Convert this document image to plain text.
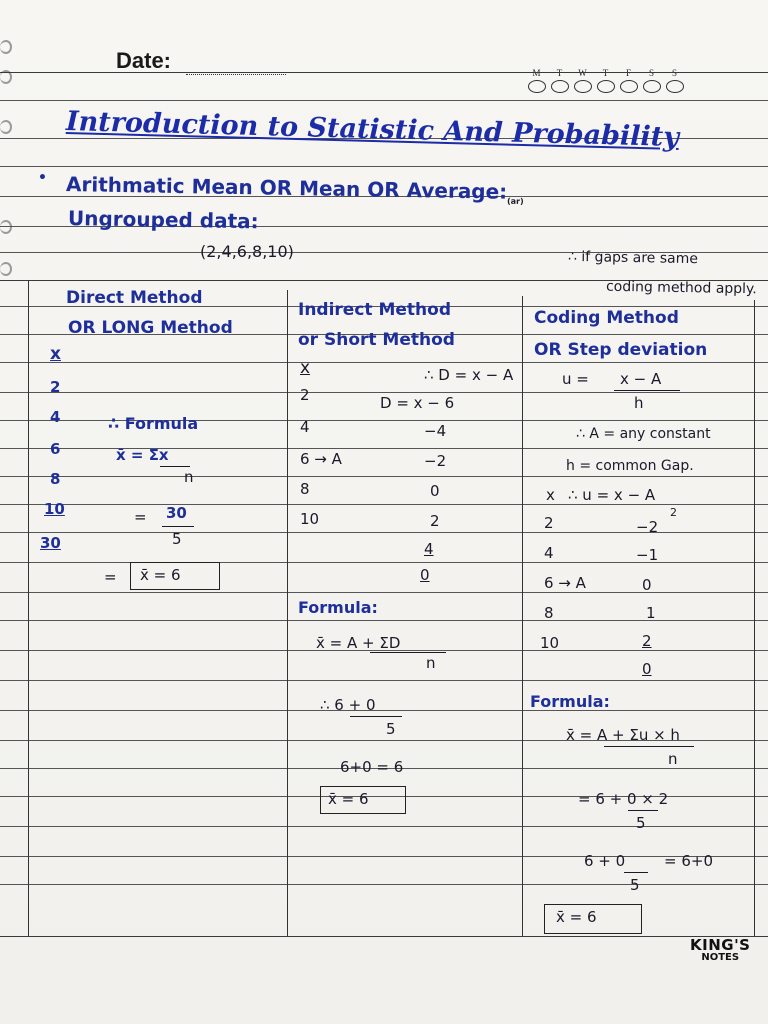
Date:	M T W T F S S
Introduction to Statistic And Probability
• Arithmatic Mean OR Mean OR $Average:_{(ar)}$
Ungrouped data:
(2,4,6,8,10)	∴ if gaps are same
coding method apply.
Direct Method
OR LONG Method
x
2
4
6
8
10
30
∴ Formula
x̄ = Σx
n
= 30
5
= x̄ = 6
Indirect Method
or Short Method
x	∴ D = x − A
2	D = x − 6
4	−4
6 → A	−2
8	0
10	2
4
0
Formula:
x̄ = A + ΣD
n
∴ 6 + 0
5
6+0 = 6
x̄ = 6
Coding Method
OR Step deviation
u = x − A
h
∴ A = any constant
h = common Gap.
x ∴ u = x − A
2
2	−2
4	−1
6 → A	0
8	1
10	2
0
Formula:
x̄ = A + Σu × h
n
= 6 + 0 × 2
5
6 + 0
5
= 6+0
x̄ = 6
KING'S
NOTES
